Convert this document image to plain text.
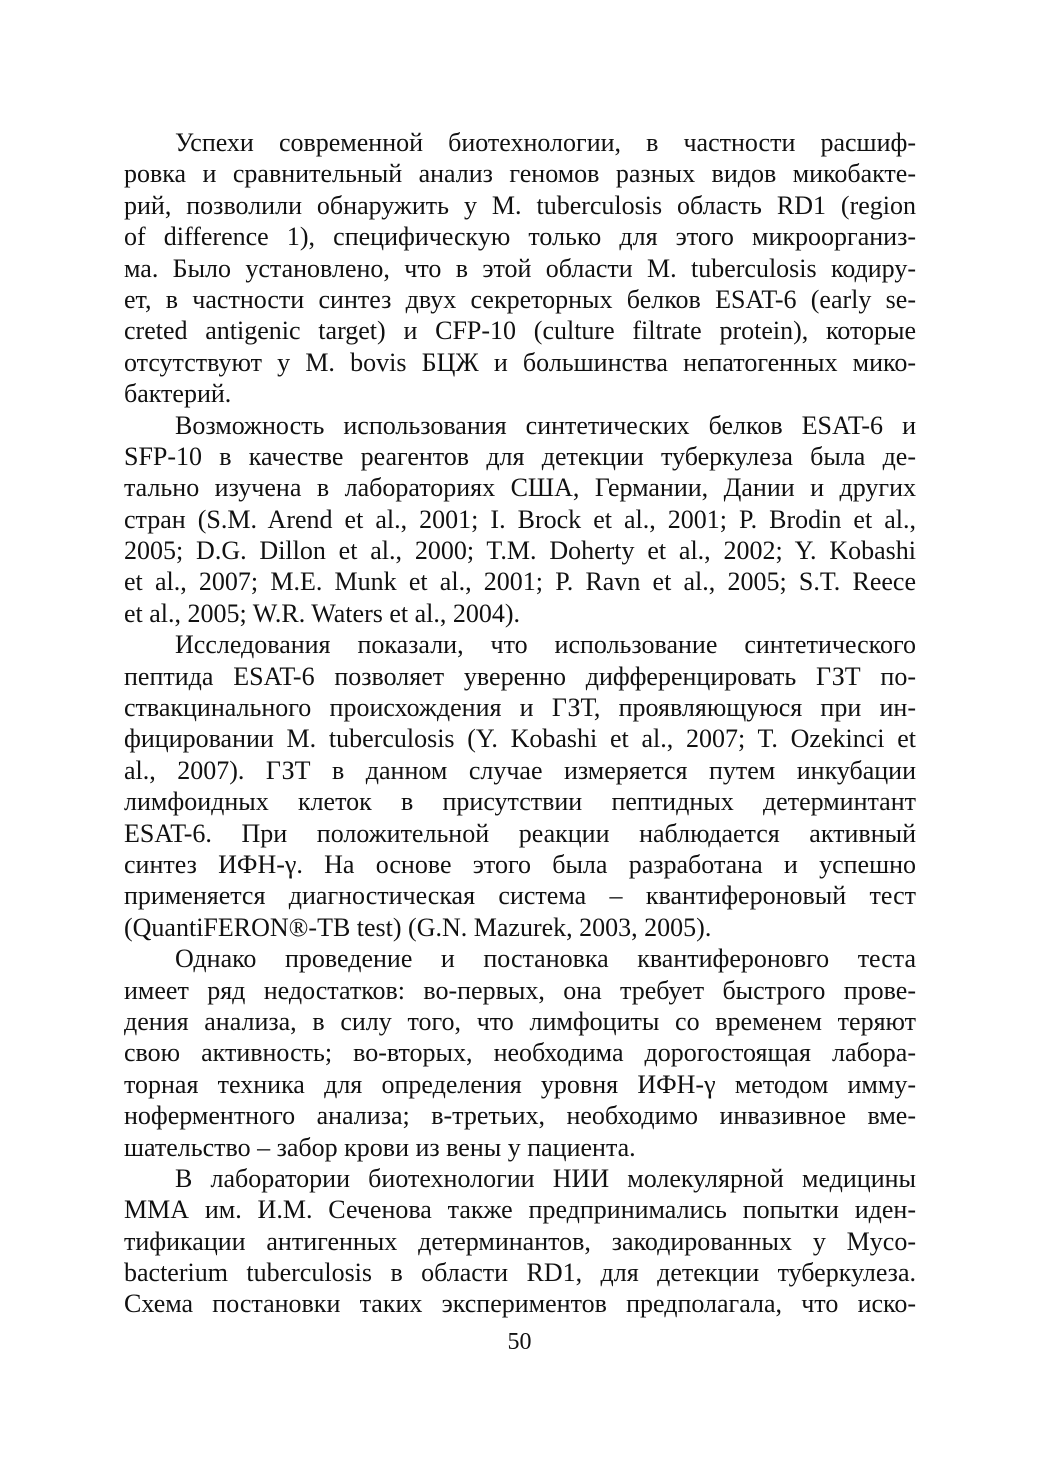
Успехи современной биотехнологии, в частности расшиф-
ровка и сравнительный анализ геномов разных видов микобакте-
рий, позволили обнаружить у M. tuberculosis область RD1 (region
of difference 1), специфическую только для этого микроорганиз-
ма. Было установлено, что в этой области M. tuberculosis кодиру-
ет, в частности синтез двух секреторных белков ESAT-6 (early se-
creted antigenic target) и CFP-10 (culture filtrate protein), которые
отсутствуют у M. bovis БЦЖ и большинства непатогенных мико-
бактерий.
Возможность использования синтетических белков ESAT-6 и
SFP-10 в качестве реагентов для детекции туберкулеза была де-
тально изучена в лабораториях США, Германии, Дании и других
стран (S.M. Arend et al., 2001; I. Brock et al., 2001; P. Brodin et al.,
2005; D.G. Dillon et al., 2000; T.M. Doherty et al., 2002; Y. Kobashi
et al., 2007; M.E. Munk et al., 2001; P. Ravn et al., 2005; S.T. Reece
et al., 2005; W.R. Waters et al., 2004).
Исследования показали, что использование синтетического
пептида ESAT-6 позволяет уверенно дифференцировать ГЗТ по-
ствакцинального происхождения и ГЗТ, проявляющуюся при ин-
фицировании M. tuberculosis (Y. Kobashi et al., 2007; T. Ozekinci et
al., 2007). ГЗТ в данном случае измеряется путем инкубации
лимфоидных клеток в присутствии пептидных детерминтант
ESAT-6. При положительной реакции наблюдается активный
синтез ИФН-γ. На основе этого была разработана и успешно
применяется диагностическая система – квантифероновый тест
(QuantiFERON®-TB test) (G.N. Mazurek, 2003, 2005).
Однако проведение и постановка квантифероновго теста
имеет ряд недостатков: во-первых, она требует быстрого прове-
дения анализа, в силу того, что лимфоциты со временем теряют
свою активность; во-вторых, необходима дорогостоящая лабора-
торная техника для определения уровня ИФН-γ методом имму-
ноферментного анализа; в-третьих, необходимо инвазивное вме-
шательство – забор крови из вены у пациента.
В лаборатории биотехнологии НИИ молекулярной медицины
ММА им. И.М. Сеченова также предпринимались попытки иден-
тификации антигенных детерминантов, закодированных у Myco-
bacterium tuberculosis в области RD1, для детекции туберкулеза.
Схема постановки таких экспериментов предполагала, что иско-
50
